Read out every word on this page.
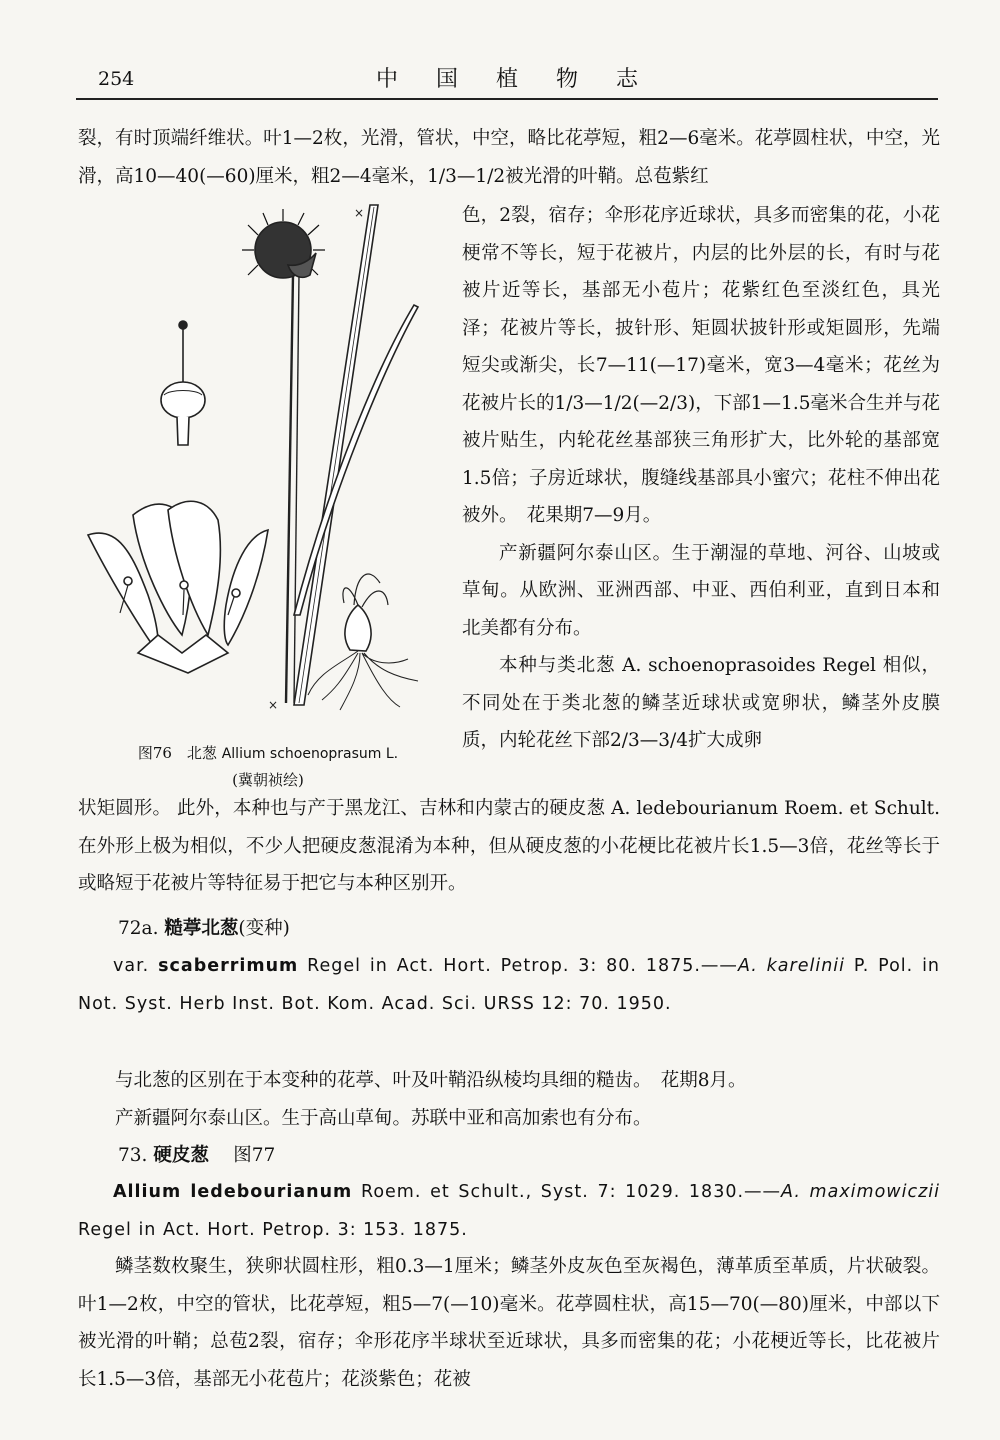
254	中国植物志

裂，有时顶端纤维状。叶1—2枚，光滑，管状，中空，略比花葶短，粗2—6毫米。花葶圆柱状，中空，光滑，高10—40(—60)厘米，粗2—4毫米，1/3—1/2被光滑的叶鞘。总苞紫红

×
×
图76　北葱 Allium schoenoprasum L.
(冀朝祯绘)

色，2裂，宿存；伞形花序近球状，具多而密集的花，小花梗常不等长，短于花被片，内层的比外层的长，有时与花被片近等长，基部无小苞片；花紫红色至淡红色，具光泽；花被片等长，披针形、矩圆状披针形或矩圆形，先端短尖或渐尖，长7—11(—17)毫米，宽3—4毫米；花丝为花被片长的1/3—1/2(—2/3)，下部1—1.5毫米合生并与花被片贴生，内轮花丝基部狭三角形扩大，比外轮的基部宽1.5倍；子房近球状，腹缝线基部具小蜜穴；花柱不伸出花被外。　花果期7—9月。

产新疆阿尔泰山区。生于潮湿的草地、河谷、山坡或草甸。从欧洲、亚洲西部、中亚、西伯利亚，直到日本和北美都有分布。

本种与类北葱 A. schoenoprasoides Regel 相似，不同处在于类北葱的鳞茎近球状或宽卵状，鳞茎外皮膜质，内轮花丝下部2/3—3/4扩大成卵

状矩圆形。 此外，本种也与产于黑龙江、吉林和内蒙古的硬皮葱 A. ledebourianum Roem. et Schult. 在外形上极为相似，不少人把硬皮葱混淆为本种，但从硬皮葱的小花梗比花被片长1.5—3倍，花丝等长于或略短于花被片等特征易于把它与本种区别开。

72a. 糙葶北葱(变种)
var. scaberrimum Regel in Act. Hort. Petrop. 3: 80. 1875.——A. karelinii P. Pol. in Not. Syst. Herb Inst. Bot. Kom. Acad. Sci. URSS 12: 70. 1950.

与北葱的区别在于本变种的花葶、叶及叶鞘沿纵棱均具细的糙齿。　花期8月。

产新疆阿尔泰山区。生于高山草甸。苏联中亚和高加索也有分布。

73. 硬皮葱　 图77
Allium ledebourianum Roem. et Schult., Syst. 7: 1029. 1830.——A. maximowiczii Regel in Act. Hort. Petrop. 3: 153. 1875.

鳞茎数枚聚生，狭卵状圆柱形，粗0.3—1厘米；鳞茎外皮灰色至灰褐色，薄革质至革质，片状破裂。叶1—2枚，中空的管状，比花葶短，粗5—7(—10)毫米。花葶圆柱状，高15—70(—80)厘米，中部以下被光滑的叶鞘；总苞2裂，宿存；伞形花序半球状至近球状，具多而密集的花；小花梗近等长，比花被片长1.5—3倍，基部无小花苞片；花淡紫色；花被
